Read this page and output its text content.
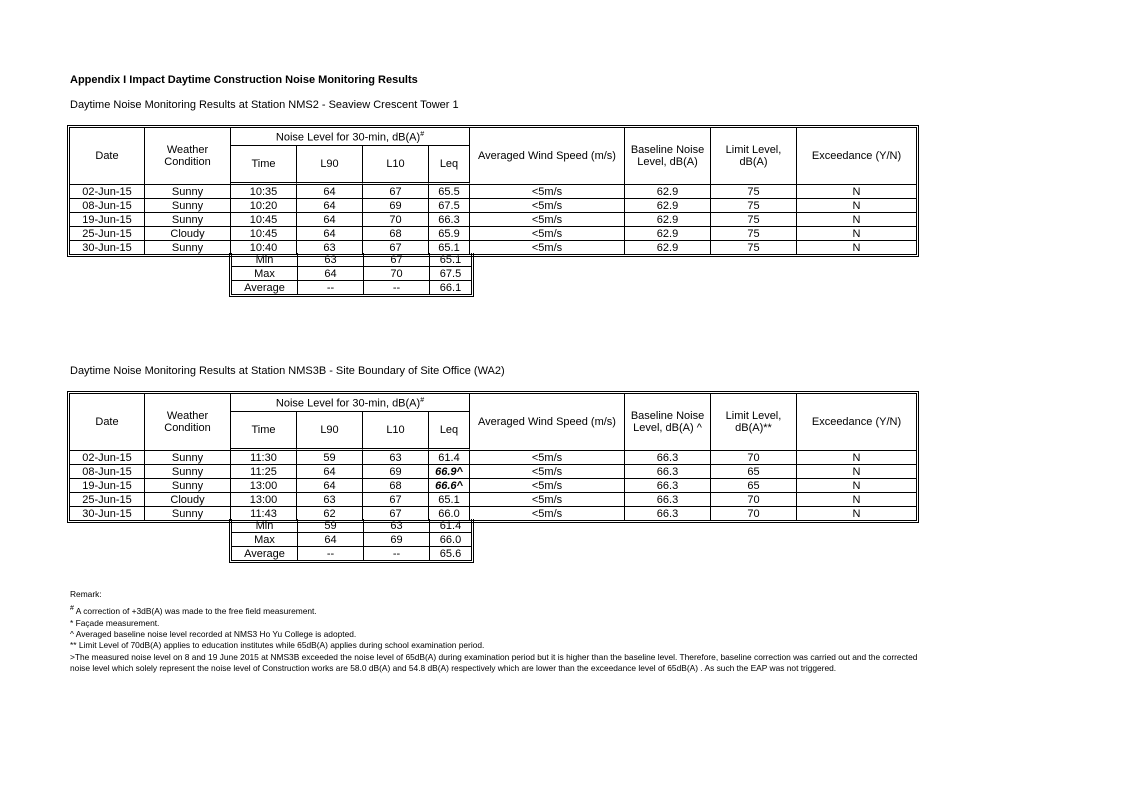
Appendix I Impact Daytime Construction Noise Monitoring Results
Daytime Noise Monitoring Results at Station NMS2 - Seaview Crescent Tower 1
Date	Weather Condition	Noise Level for 30-min, dB(A)#				Averaged Wind Speed (m/s)	Baseline Noise Level, dB(A)	Limit Level, dB(A)	Exceedance (Y/N)
		Time	L90	L10	Leq				
02-Jun-15	Sunny	10:35	64	67	65.5	<5m/s	62.9	75	N
08-Jun-15	Sunny	10:20	64	69	67.5	<5m/s	62.9	75	N
19-Jun-15	Sunny	10:45	64	70	66.3	<5m/s	62.9	75	N
25-Jun-15	Cloudy	10:45	64	68	65.9	<5m/s	62.9	75	N
30-Jun-15	Sunny	10:40	63	67	65.1	<5m/s	62.9	75	N
Min	63	67	65.1
Max	64	70	67.5
Average	--	--	66.1
Daytime Noise Monitoring Results at Station NMS3B - Site Boundary of Site Office (WA2)
Date	Weather Condition	Noise Level for 30-min, dB(A)#				Averaged Wind Speed (m/s)	Baseline Noise Level, dB(A) ^	Limit Level, dB(A)**	Exceedance (Y/N)
		Time	L90	L10	Leq				
02-Jun-15	Sunny	11:30	59	63	61.4	<5m/s	66.3	70	N
08-Jun-15	Sunny	11:25	64	69	66.9^	<5m/s	66.3	65	N
19-Jun-15	Sunny	13:00	64	68	66.6^	<5m/s	66.3	65	N
25-Jun-15	Cloudy	13:00	63	67	65.1	<5m/s	66.3	70	N
30-Jun-15	Sunny	11:43	62	67	66.0	<5m/s	66.3	70	N
Min	59	63	61.4
Max	64	69	66.0
Average	--	--	65.6
Remark:
# A correction of +3dB(A) was made to the free field measurement.
* Façade measurement.
^ Averaged baseline noise level recorded at NMS3 Ho Yu College is adopted.
** Limit Level of 70dB(A) applies to education institutes while 65dB(A) applies during school examination period.
>The measured noise level on 8 and 19 June 2015 at NMS3B exceeded the noise level of 65dB(A) during examination period but it is higher than the baseline level. Therefore, baseline correction was carried out and the corrected noise level which solely represent the noise level of Construction works are 58.0 dB(A) and 54.8 dB(A) respectively which are lower than the exceedance level of 65dB(A) . As such the EAP was not triggered.
